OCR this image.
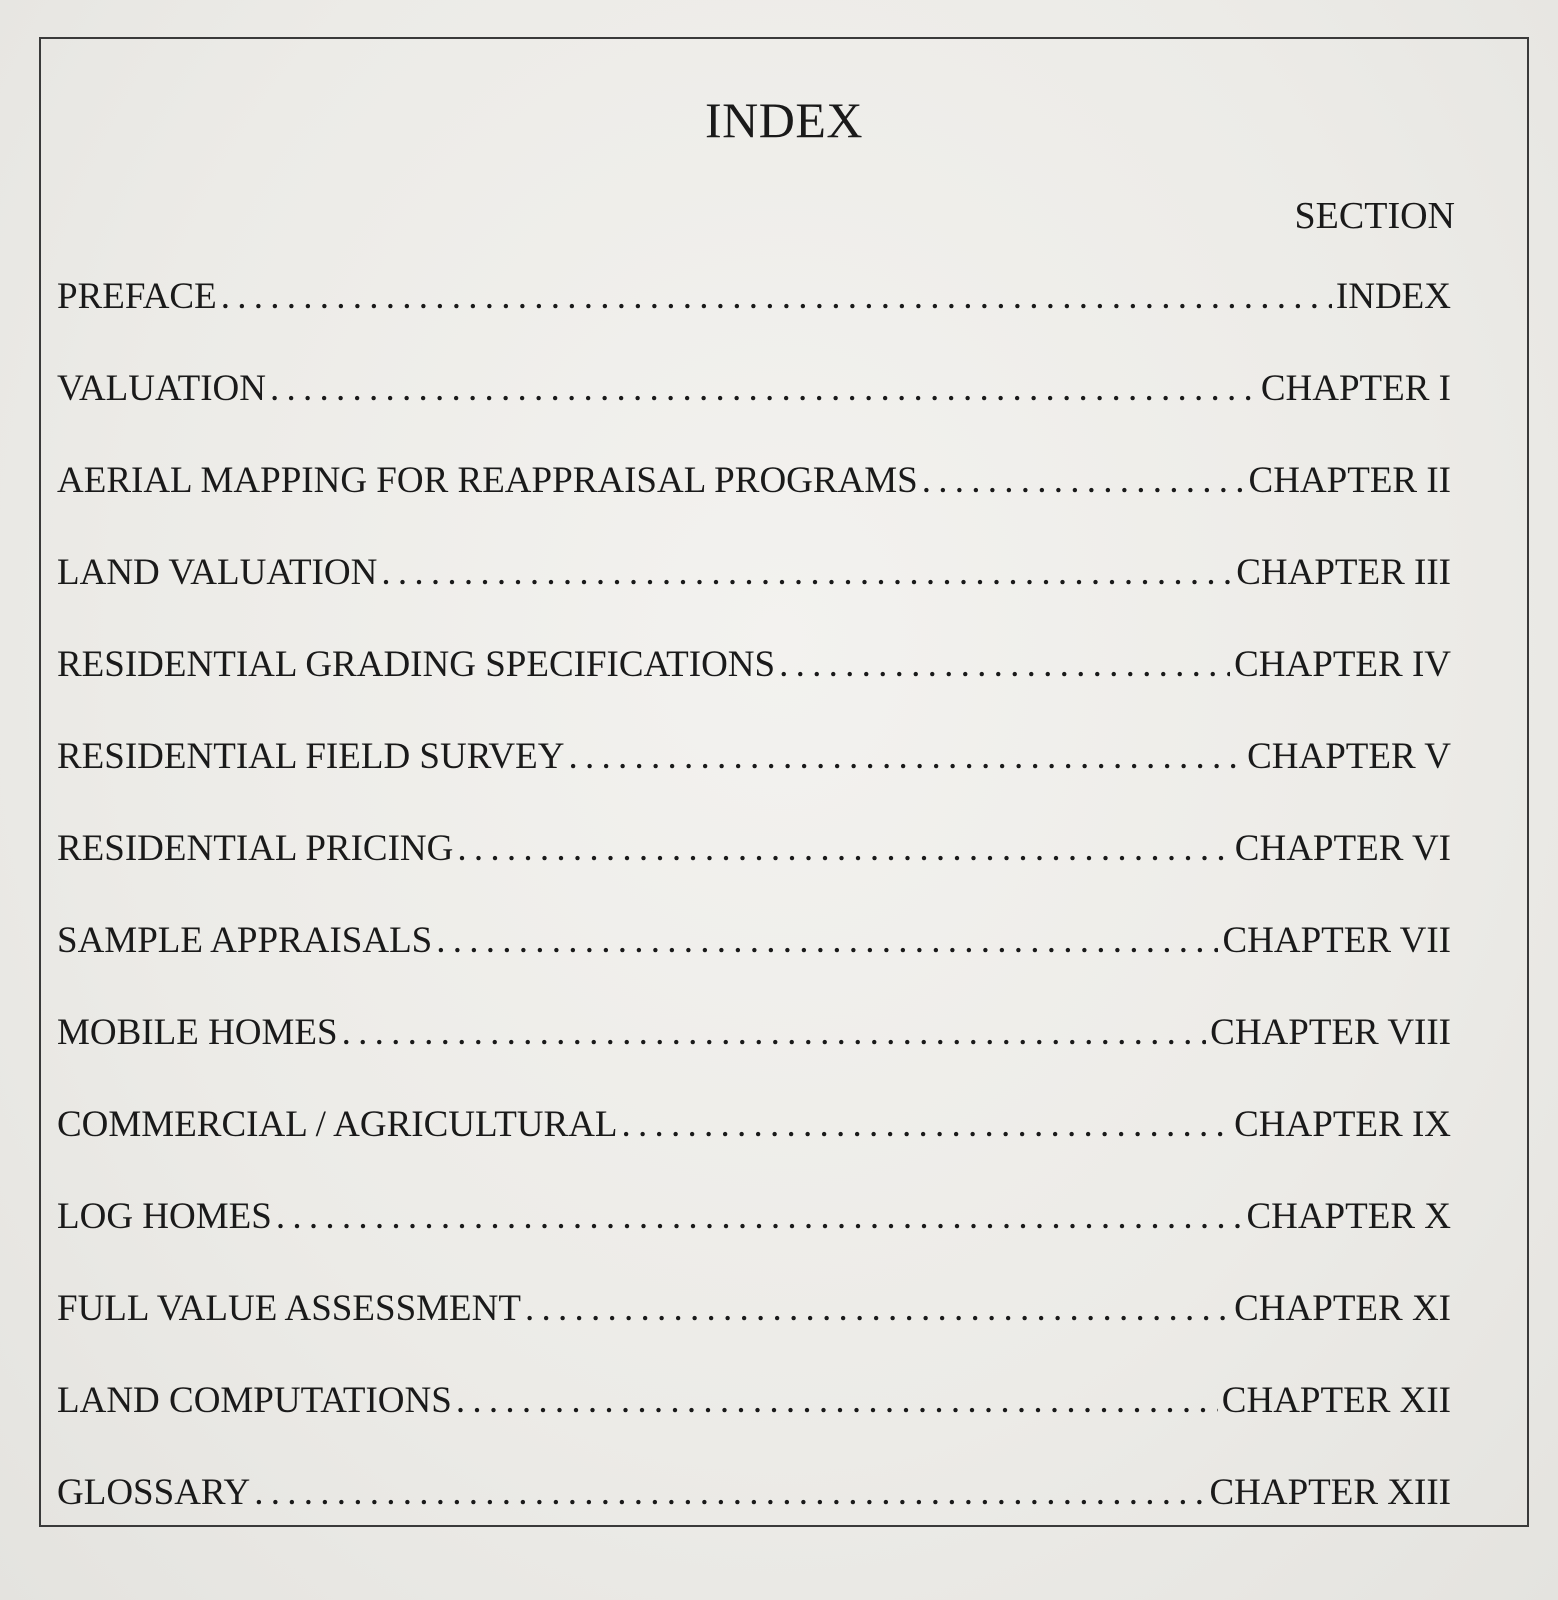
INDEX
SECTION
PREFACE . . .	INDEX
VALUATION . . .	CHAPTER I
AERIAL MAPPING FOR REAPPRAISAL PROGRAMS . . .	CHAPTER II
LAND VALUATION . . .	CHAPTER III
RESIDENTIAL GRADING SPECIFICATIONS . . .	CHAPTER IV
RESIDENTIAL FIELD SURVEY . . .	CHAPTER V
RESIDENTIAL PRICING . . .	CHAPTER VI
SAMPLE APPRAISALS . . .	CHAPTER VII
MOBILE HOMES . . .	CHAPTER VIII
COMMERCIAL / AGRICULTURAL . . .	CHAPTER IX
LOG HOMES . . .	CHAPTER X
FULL VALUE ASSESSMENT . . .	CHAPTER XI
LAND COMPUTATIONS . . .	CHAPTER XII
GLOSSARY . . .	CHAPTER XIII
